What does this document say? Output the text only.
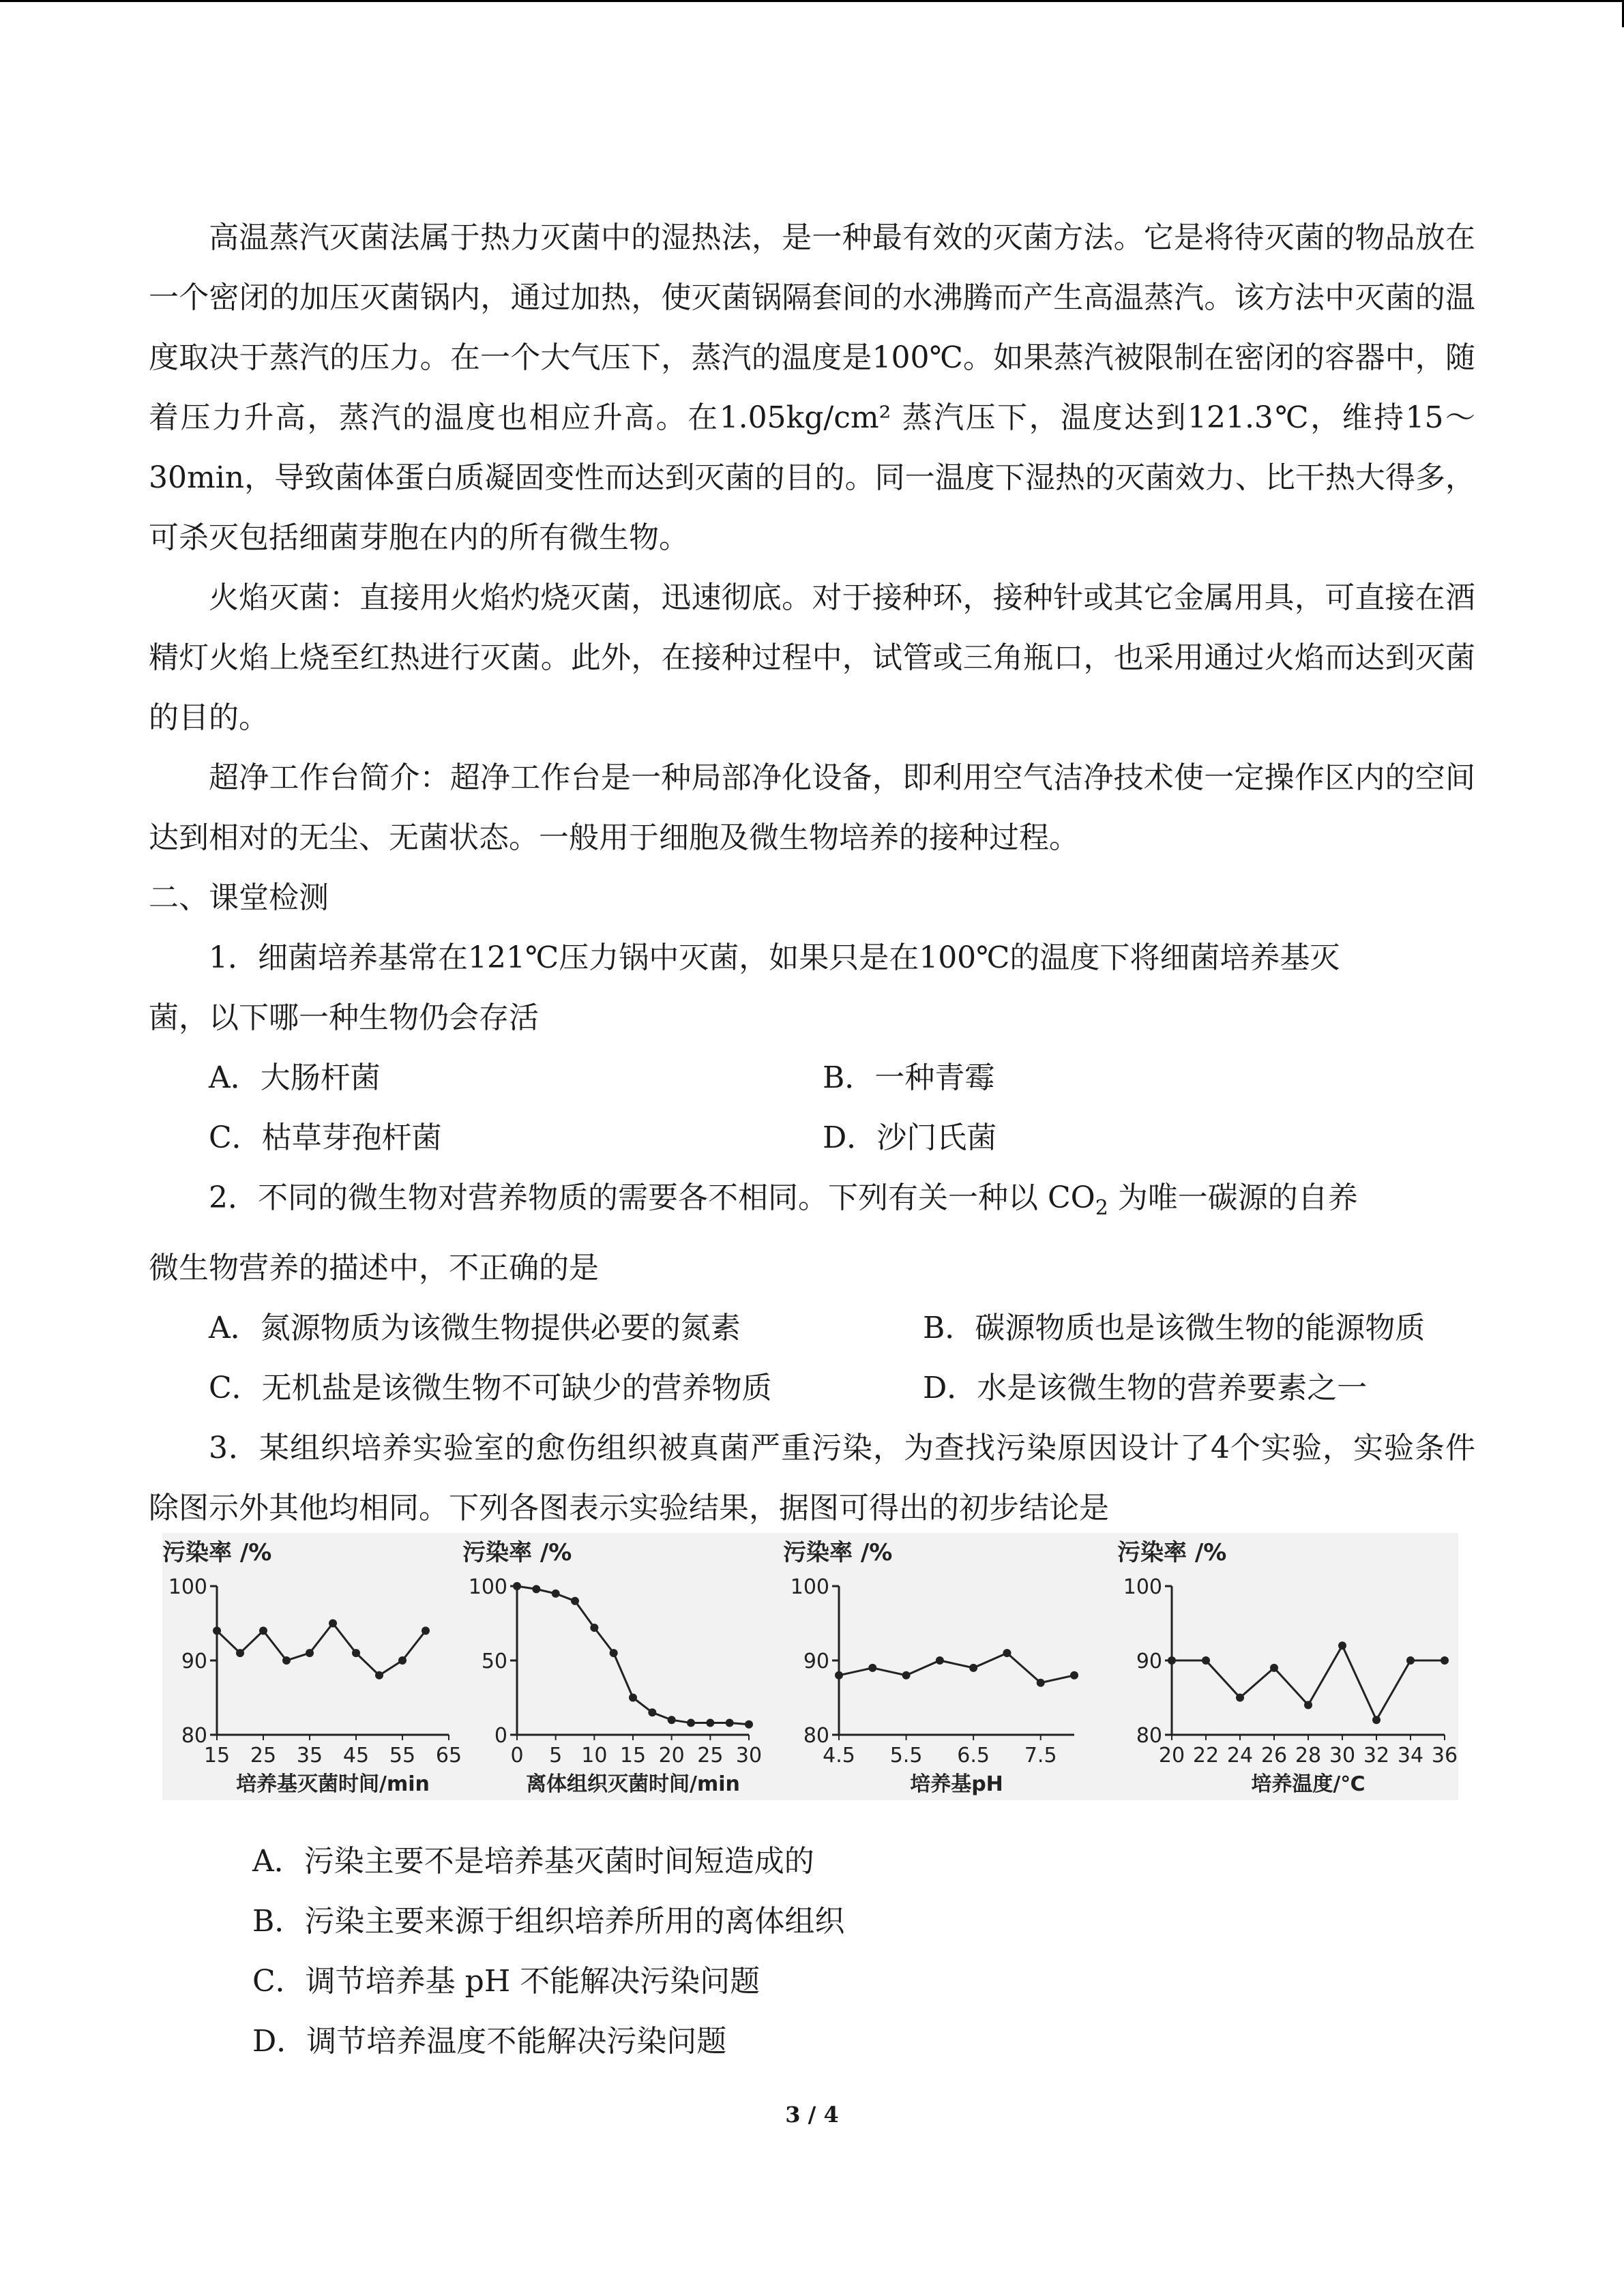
高温蒸汽灭菌法属于热力灭菌中的湿热法，是一种最有效的灭菌方法。它是将待灭菌的物品放在一个密闭的加压灭菌锅内，通过加热，使灭菌锅隔套间的水沸腾而产生高温蒸汽。该方法中灭菌的温度取决于蒸汽的压力。在一个大气压下，蒸汽的温度是100℃。如果蒸汽被限制在密闭的容器中，随着压力升高，蒸汽的温度也相应升高。在1.05kg/cm² 蒸汽压下，温度达到121.3℃，维持15～30min，导致菌体蛋白质凝固变性而达到灭菌的目的。同一温度下湿热的灭菌效力、比干热大得多，可杀灭包括细菌芽胞在内的所有微生物。

火焰灭菌：直接用火焰灼烧灭菌，迅速彻底。对于接种环，接种针或其它金属用具，可直接在酒精灯火焰上烧至红热进行灭菌。此外，在接种过程中，试管或三角瓶口，也采用通过火焰而达到灭菌的目的。

超净工作台简介：超净工作台是一种局部净化设备，即利用空气洁净技术使一定操作区内的空间达到相对的无尘、无菌状态。一般用于细胞及微生物培养的接种过程。

二、课堂检测

1．细菌培养基常在121℃压力锅中灭菌，如果只是在100℃的温度下将细菌培养基灭

菌，以下哪一种生物仍会存活

A．大肠杆菌	B．一种青霉
C．枯草芽孢杆菌	D．沙门氏菌

2．不同的微生物对营养物质的需要各不相同。下列有关一种以 $CO_2$ 为唯一碳源的自养

微生物营养的描述中，不正确的是

A．氮源物质为该微生物提供必要的氮素	B．碳源物质也是该微生物的能源物质
C．无机盐是该微生物不可缺少的营养物质	D．水是该微生物的营养要素之一

3．某组织培养实验室的愈伤组织被真菌严重污染，为查找污染原因设计了4个实验，实验条件除图示外其他均相同。下列各图表示实验结果，据图可得出的初步结论是

污染率 /%
100
90
80
15 25 35 45 55 65
培养基灭菌时间/min
污染率 /%
100
50
0
0 5 10 15 20 25 30
离体组织灭菌时间/min
污染率 /%
100
90
80
4.5 5.5 6.5 7.5
培养基pH
污染率 /%
100
90
80
20 22 24 26 28 30 32 34 36
培养温度/℃
A．污染主要不是培养基灭菌时间短造成的
B．污染主要来源于组织培养所用的离体组织
C．调节培养基 pH 不能解决污染问题
D．调节培养温度不能解决污染问题
3 / 4
